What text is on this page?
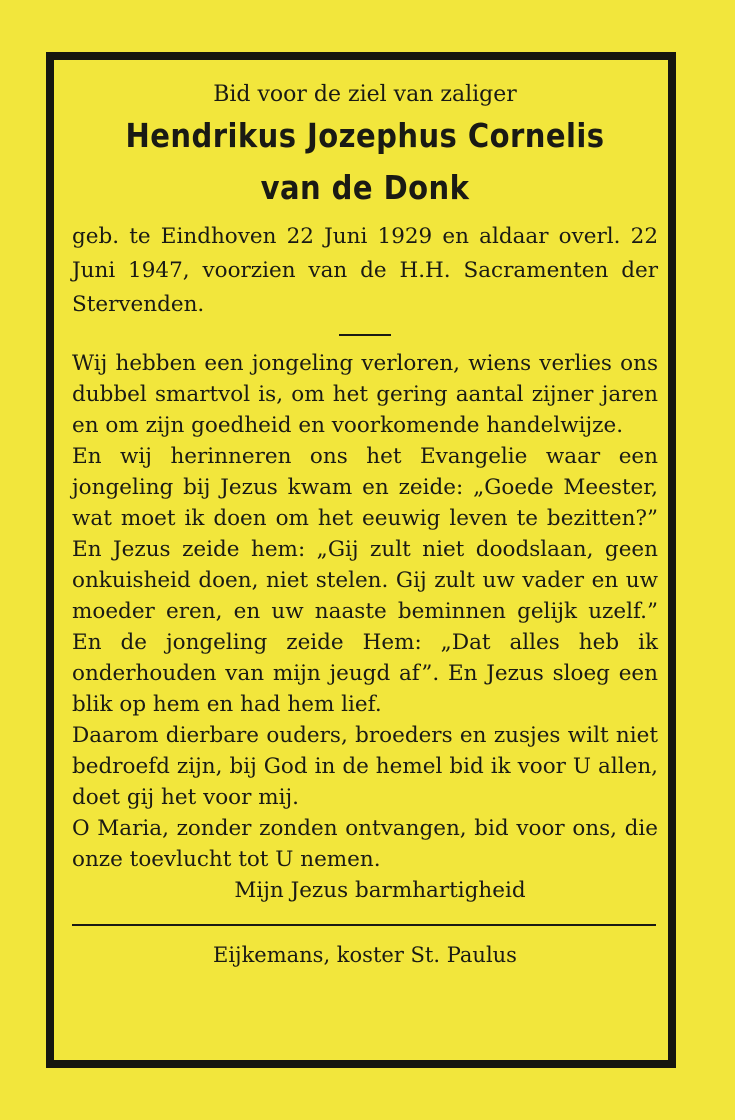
Bid voor de ziel van zaliger
Hendrikus Jozephus Cornelis
van de Donk
geb. te Eindhoven 22 Juni 1929 en aldaar overl. 22 Juni 1947, voorzien van de H.H. Sacramenten der Stervenden.

Wij hebben een jongeling verloren, wiens verlies ons dubbel smartvol is, om het gering aantal zijner jaren en om zijn goedheid en voorkomende handelwijze.

En wij herinneren ons het Evangelie waar een jongeling bij Jezus kwam en zeide: „Goede Meester, wat moet ik doen om het eeuwig leven te bezitten?” En Jezus zeide hem: „Gij zult niet doodslaan, geen onkuisheid doen, niet stelen. Gij zult uw vader en uw moeder eren, en uw naaste beminnen gelijk uzelf.” En de jongeling zeide Hem: „Dat alles heb ik onderhouden van mijn jeugd af”. En Jezus sloeg een blik op hem en had hem lief.

Daarom dierbare ouders, broeders en zusjes wilt niet bedroefd zijn, bij God in de hemel bid ik voor U allen, doet gij het voor mij.

O Maria, zonder zonden ontvangen, bid voor ons, die onze toevlucht tot U nemen.

Mijn Jezus barmhartigheid
Eijkemans, koster St. Paulus
